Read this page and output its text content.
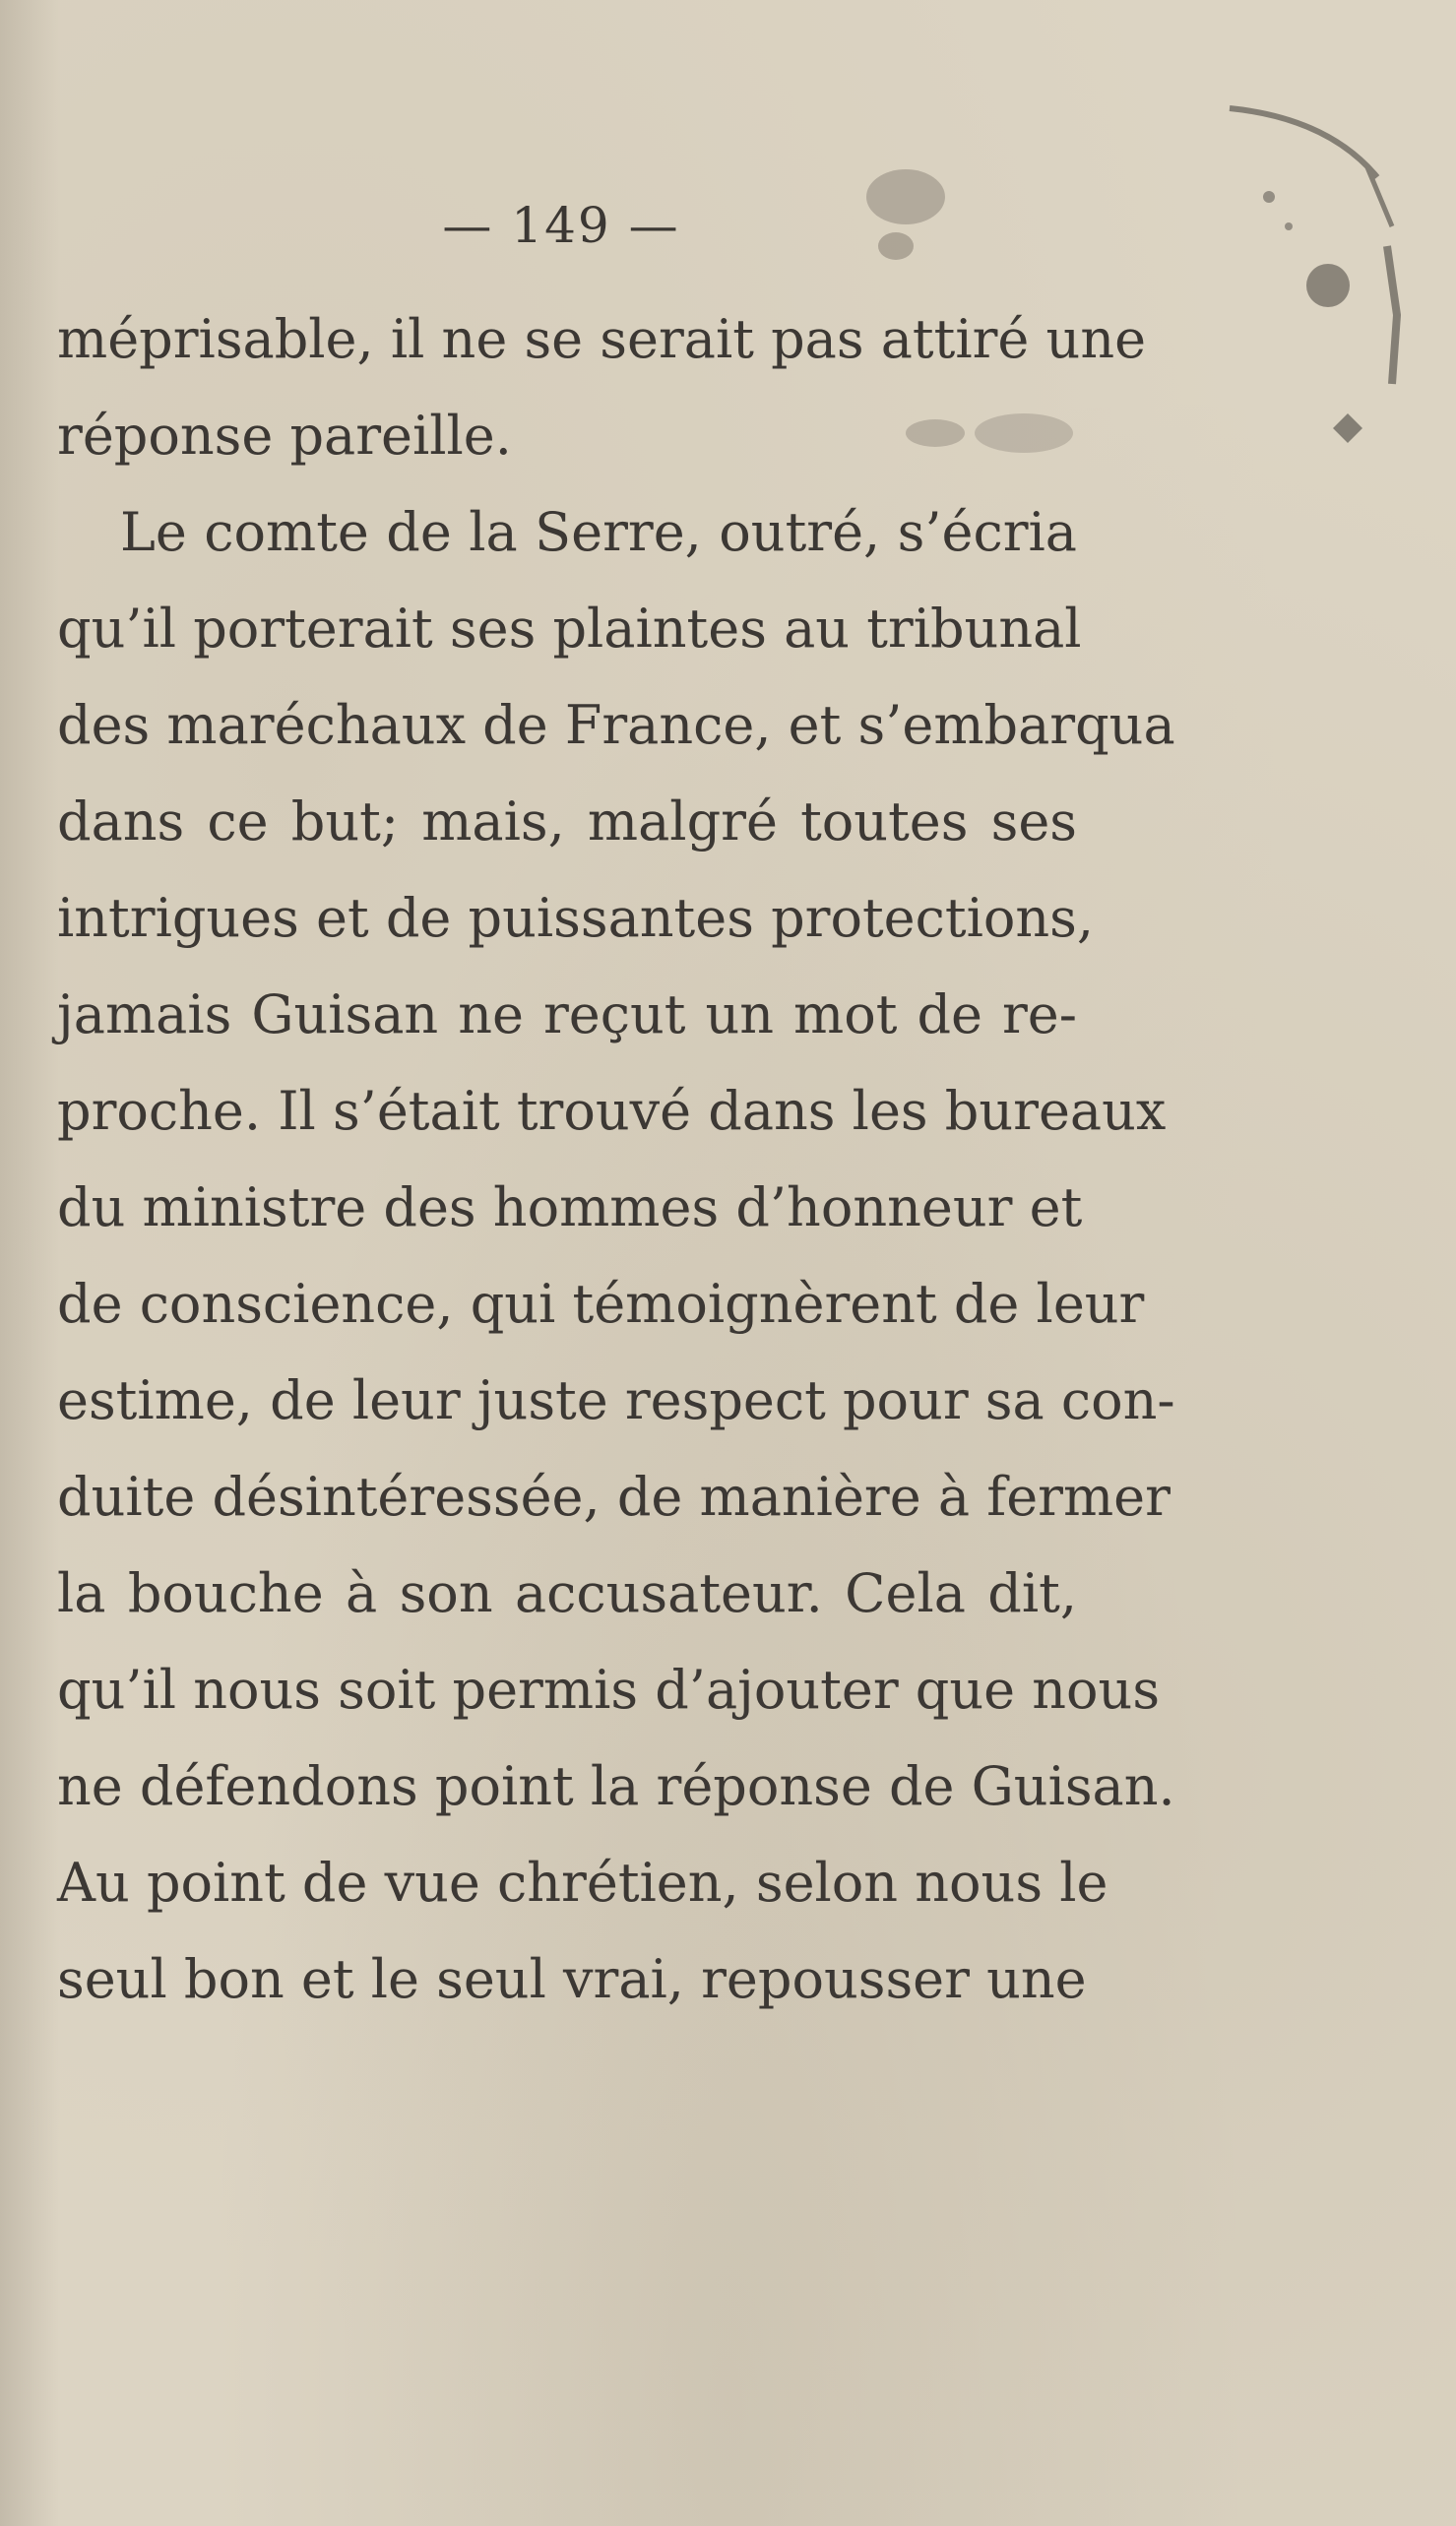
— 149 —
méprisable, il ne se serait pas attiré une
réponse pareille.
Le comte de la Serre, outré, s’écria
qu’il porterait ses plaintes au tribunal
des maréchaux de France, et s’embarqua
dans ce but; mais, malgré toutes ses
intrigues et de puissantes protections,
jamais Guisan ne reçut un mot de re-
proche. Il s’était trouvé dans les bureaux
du ministre des hommes d’honneur et
de conscience, qui témoignèrent de leur
estime, de leur juste respect pour sa con-
duite désintéressée, de manière à fermer
la bouche à son accusateur. Cela dit,
qu’il nous soit permis d’ajouter que nous
ne défendons point la réponse de Guisan.
Au point de vue chrétien, selon nous le
seul bon et le seul vrai, repousser une
